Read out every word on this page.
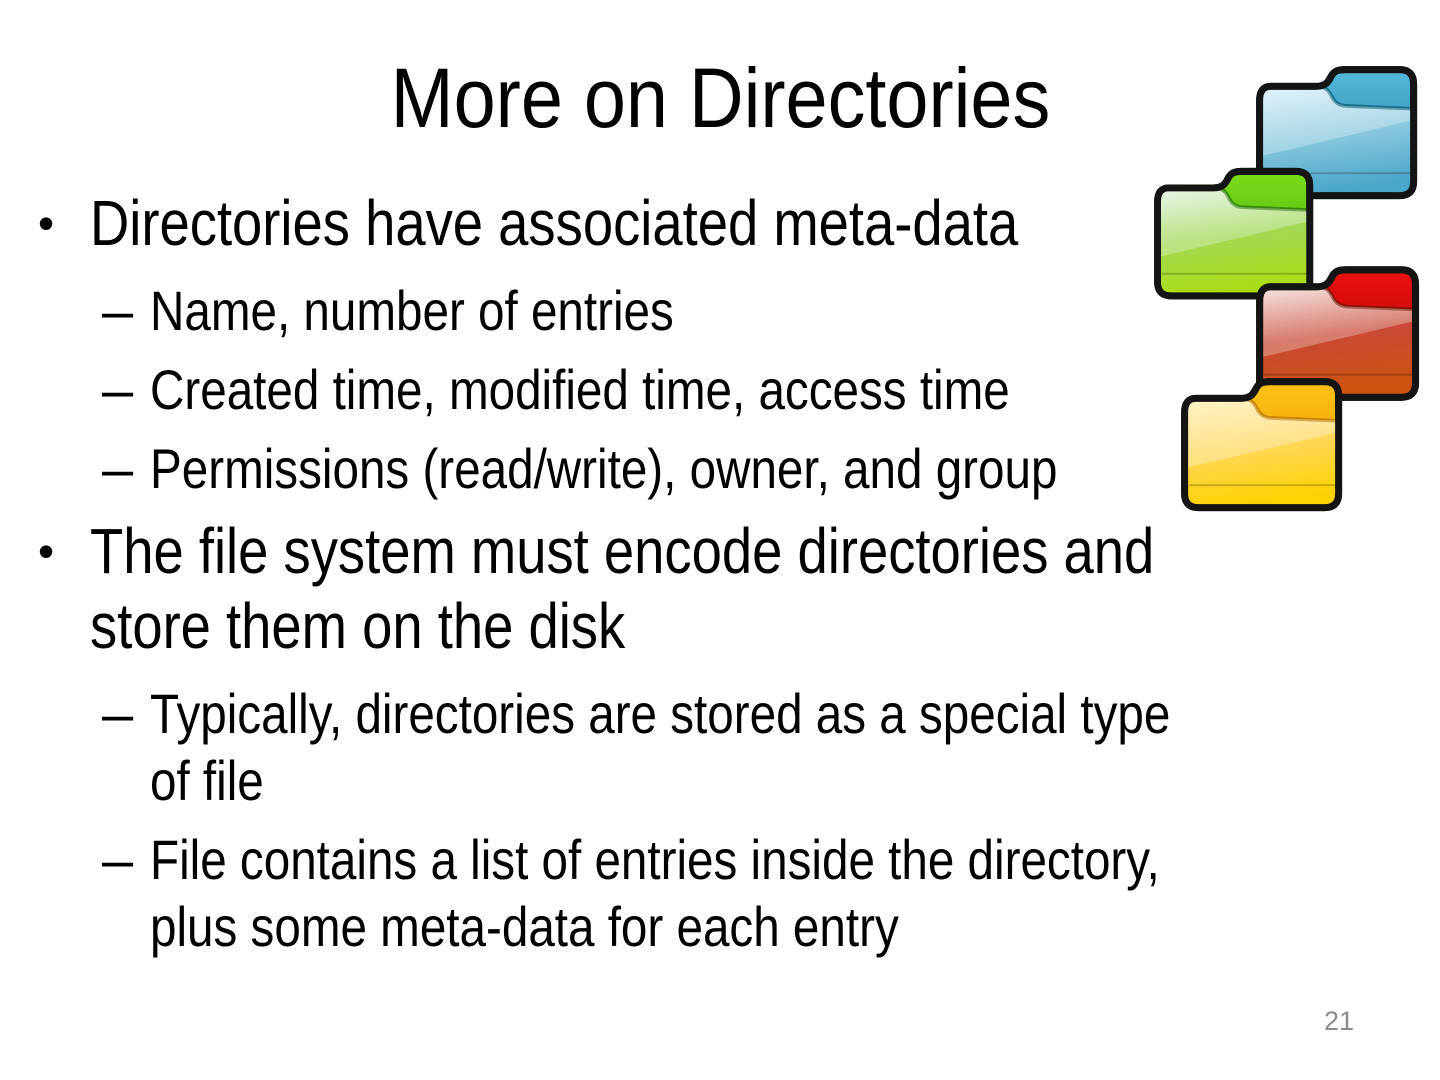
More on Directories
• Directories have associated meta-data
– Name, number of entries
– Created time, modified time, access time
– Permissions (read/write), owner, and group
• The file system must encode directories and
store them on the disk
– Typically, directories are stored as a special type
of file
– File contains a list of entries inside the directory,
plus some meta-data for each entry
21
